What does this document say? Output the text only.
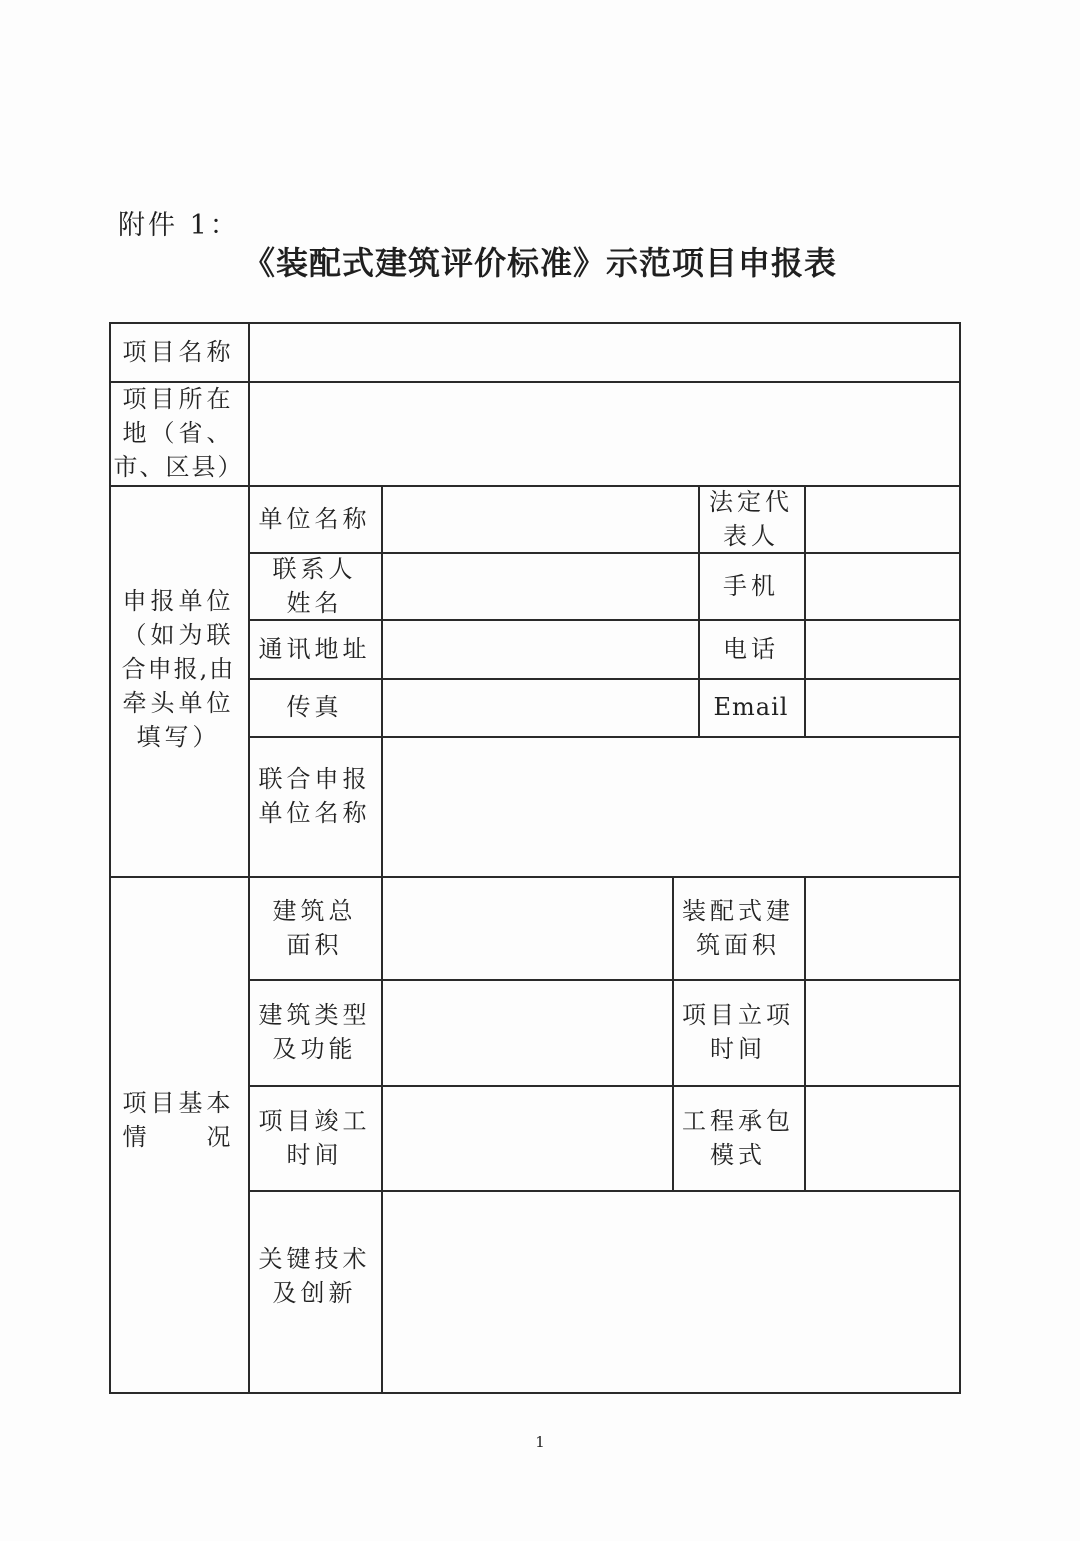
附件 1：
《装配式建筑评价标准》示范项目申报表
项目名称
项目所在
地（省、
市、区县）
申报单位
（如为联
合申报,由
牵头单位
填写）
单位名称
法定代
表人
联系人
姓名
手机
通讯地址	电话
传真	Email
联合申报
单位名称
项目基本
情　　况
建筑总
面积
装配式建
筑面积
建筑类型
及功能
项目立项
时间
项目竣工
时间
工程承包
模式
关键技术
及创新
1
